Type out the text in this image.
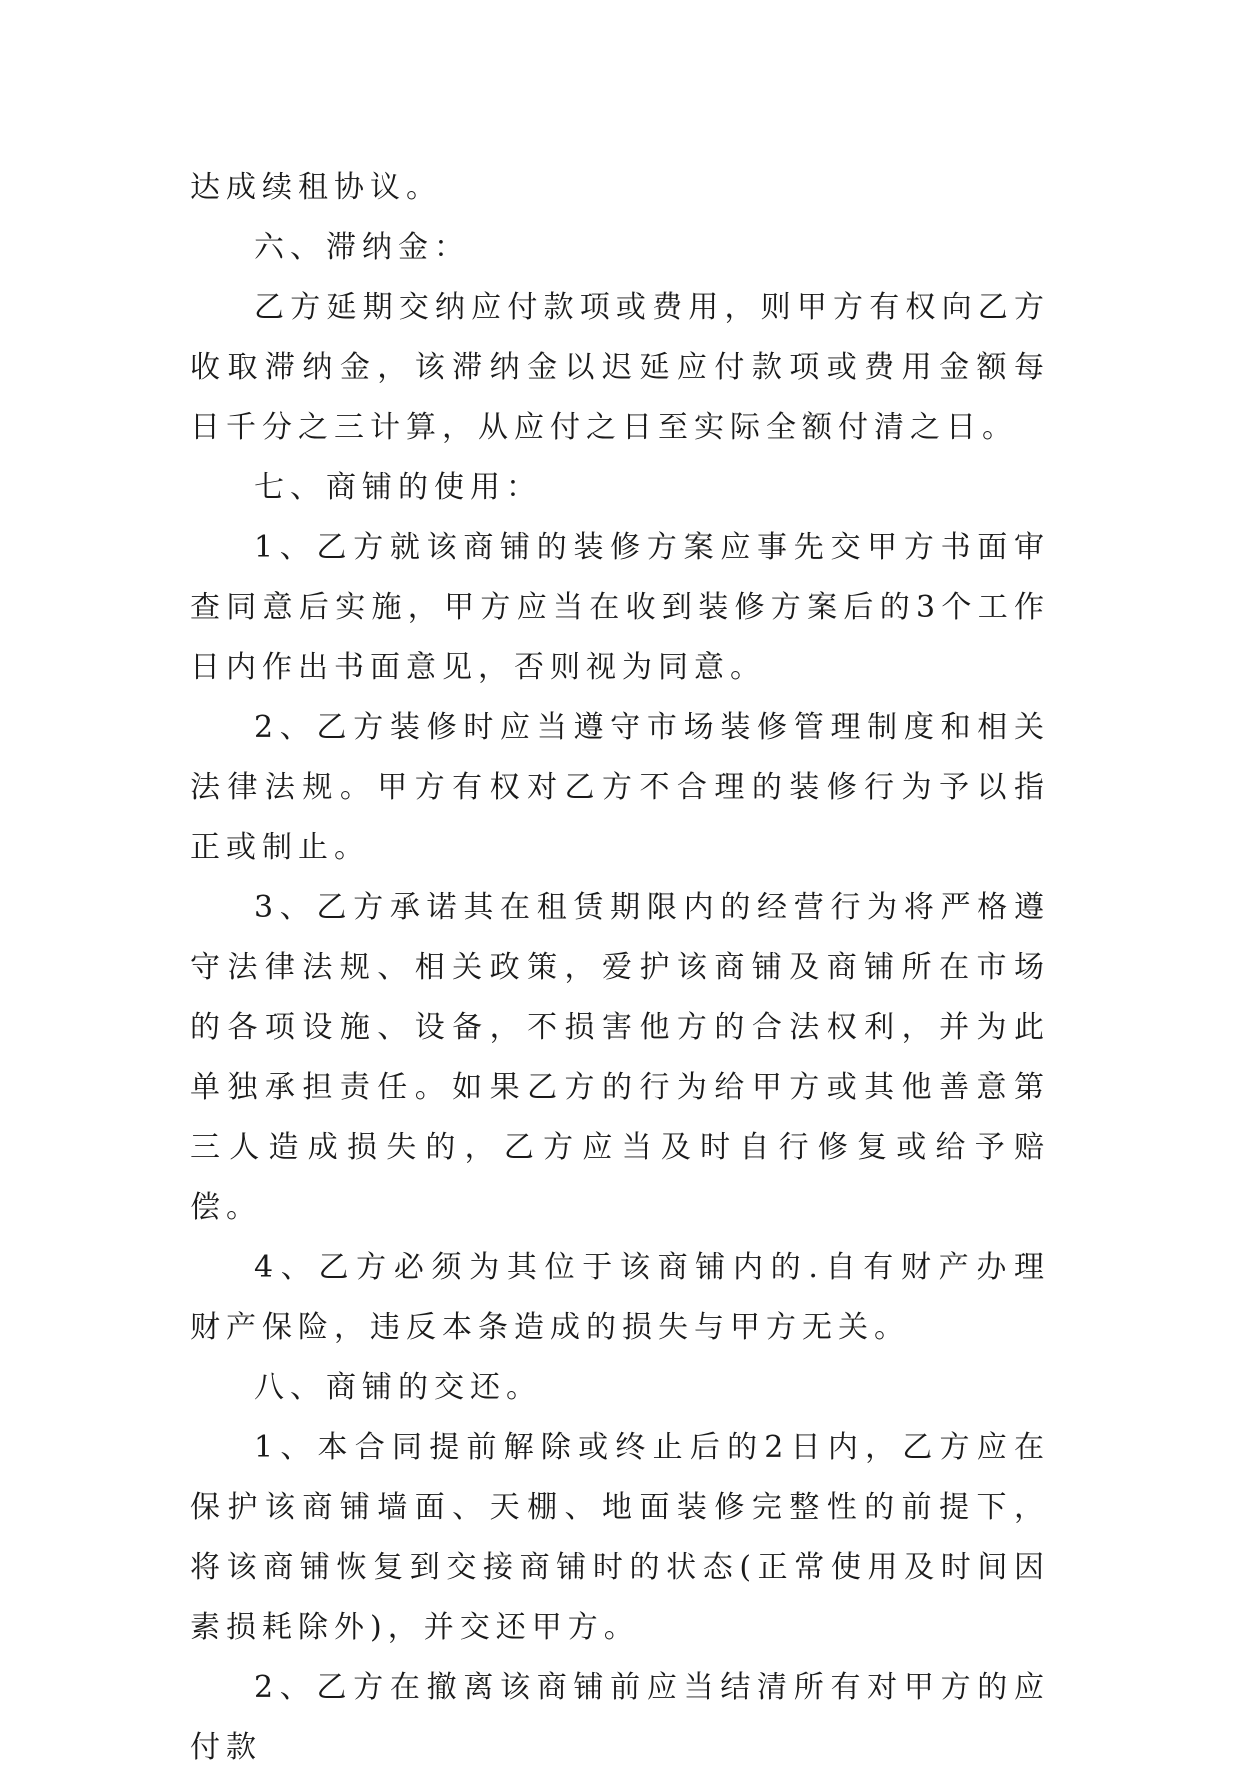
达成续租协议。

六、滞纳金：

乙方延期交纳应付款项或费用，则甲方有权向乙方收取滞纳金，该滞纳金以迟延应付款项或费用金额每日千分之三计算，从应付之日至实际全额付清之日。

七、商铺的使用：

1、乙方就该商铺的装修方案应事先交甲方书面审查同意后实施，甲方应当在收到装修方案后的3个工作日内作出书面意见，否则视为同意。

2、乙方装修时应当遵守市场装修管理制度和相关法律法规。甲方有权对乙方不合理的装修行为予以指正或制止。

3、乙方承诺其在租赁期限内的经营行为将严格遵守法律法规、相关政策，爱护该商铺及商铺所在市场的各项设施、设备，不损害他方的合法权利，并为此单独承担责任。如果乙方的行为给甲方或其他善意第三人造成损失的，乙方应当及时自行修复或给予赔偿。

4、乙方必须为其位于该商铺内的.自有财产办理财产保险，违反本条造成的损失与甲方无关。

八、商铺的交还。

1、本合同提前解除或终止后的2日内，乙方应在保护该商铺墙面、天棚、地面装修完整性的前提下，将该商铺恢复到交接商铺时的状态(正常使用及时间因素损耗除外)，并交还甲方。

2、乙方在撤离该商铺前应当结清所有对甲方的应付款
